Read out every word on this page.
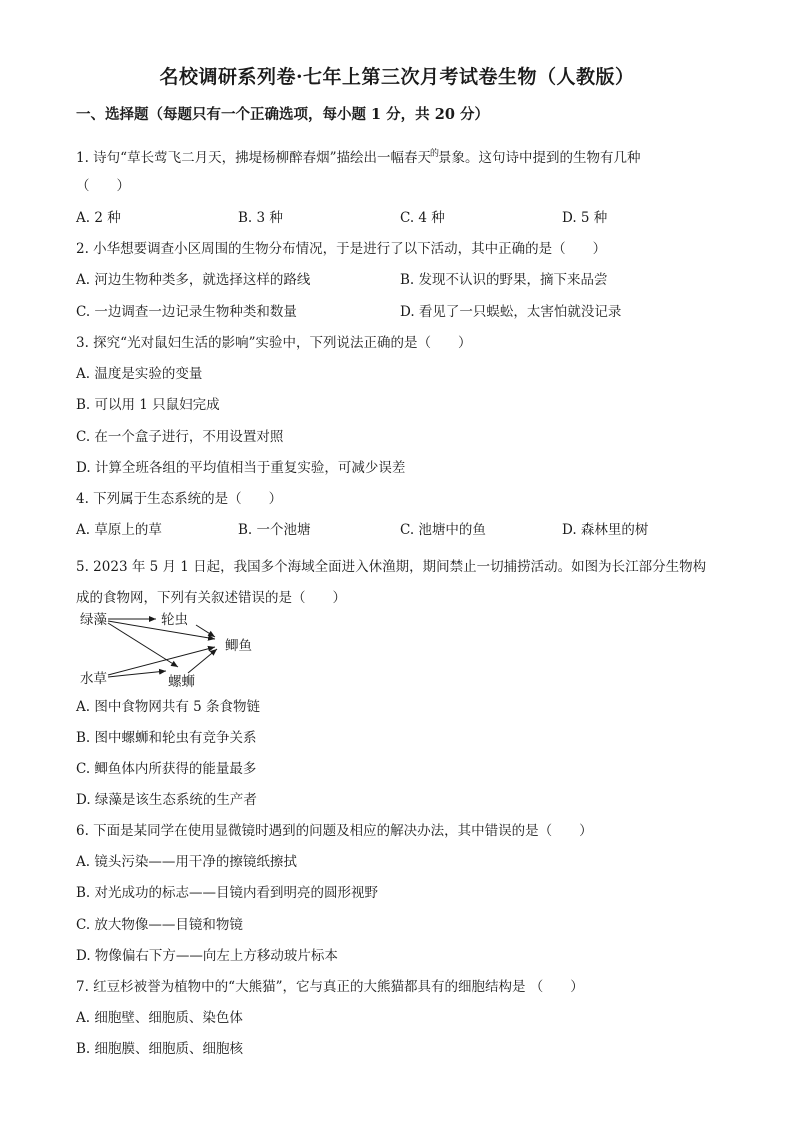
名校调研系列卷·七年上第三次月考试卷生物（人教版）
一、选择题（每题只有一个正确选项，每小题 1 分，共 20 分）
1. 诗句“草长莺飞二月天，拂堤杨柳醉春烟”描绘出一幅春天$^的$景象。这句诗中提到的生物有几种
（　　）
A. 2 种	B. 3 种	C. 4 种	D. 5 种
2. 小华想要调查小区周围的生物分布情况，于是进行了以下活动，其中正确的是（　　）
A. 河边生物种类多，就选择这样的路线	B. 发现不认识的野果，摘下来品尝
C. 一边调查一边记录生物种类和数量	D. 看见了一只蜈蚣，太害怕就没记录
3. 探究“光对鼠妇生活的影响”实验中，下列说法正确的是（　　）
A. 温度是实验的变量
B. 可以用 1 只鼠妇完成
C. 在一个盒子进行，不用设置对照
D. 计算全班各组的平均值相当于重复实验，可减少误差
4. 下列属于生态系统的是（　　）
A. 草原上的草	B. 一个池塘	C. 池塘中的鱼	D. 森林里的树
5. 2023 年 5 月 1 日起，我国多个海域全面进入休渔期，期间禁止一切捕捞活动。如图为长江部分生物构成的食物网，下列有关叙述错误的是（　　）
绿藻	轮虫
鲫鱼
水草	螺蛳
A. 图中食物网共有 5 条食物链
B. 图中螺蛳和轮虫有竞争关系
C. 鲫鱼体内所获得的能量最多
D. 绿藻是该生态系统的生产者
6. 下面是某同学在使用显微镜时遇到的问题及相应的解决办法，其中错误的是（　　）
A. 镜头污染——用干净的擦镜纸擦拭
B. 对光成功的标志——目镜内看到明亮的圆形视野
C. 放大物像——目镜和物镜
D. 物像偏右下方——向左上方移动玻片标本
7. 红豆杉被誉为植物中的“大熊猫”，它与真正的大熊猫都具有的细胞结构是 （　　）
A. 细胞壁、细胞质、染色体
B. 细胞膜、细胞质、细胞核
